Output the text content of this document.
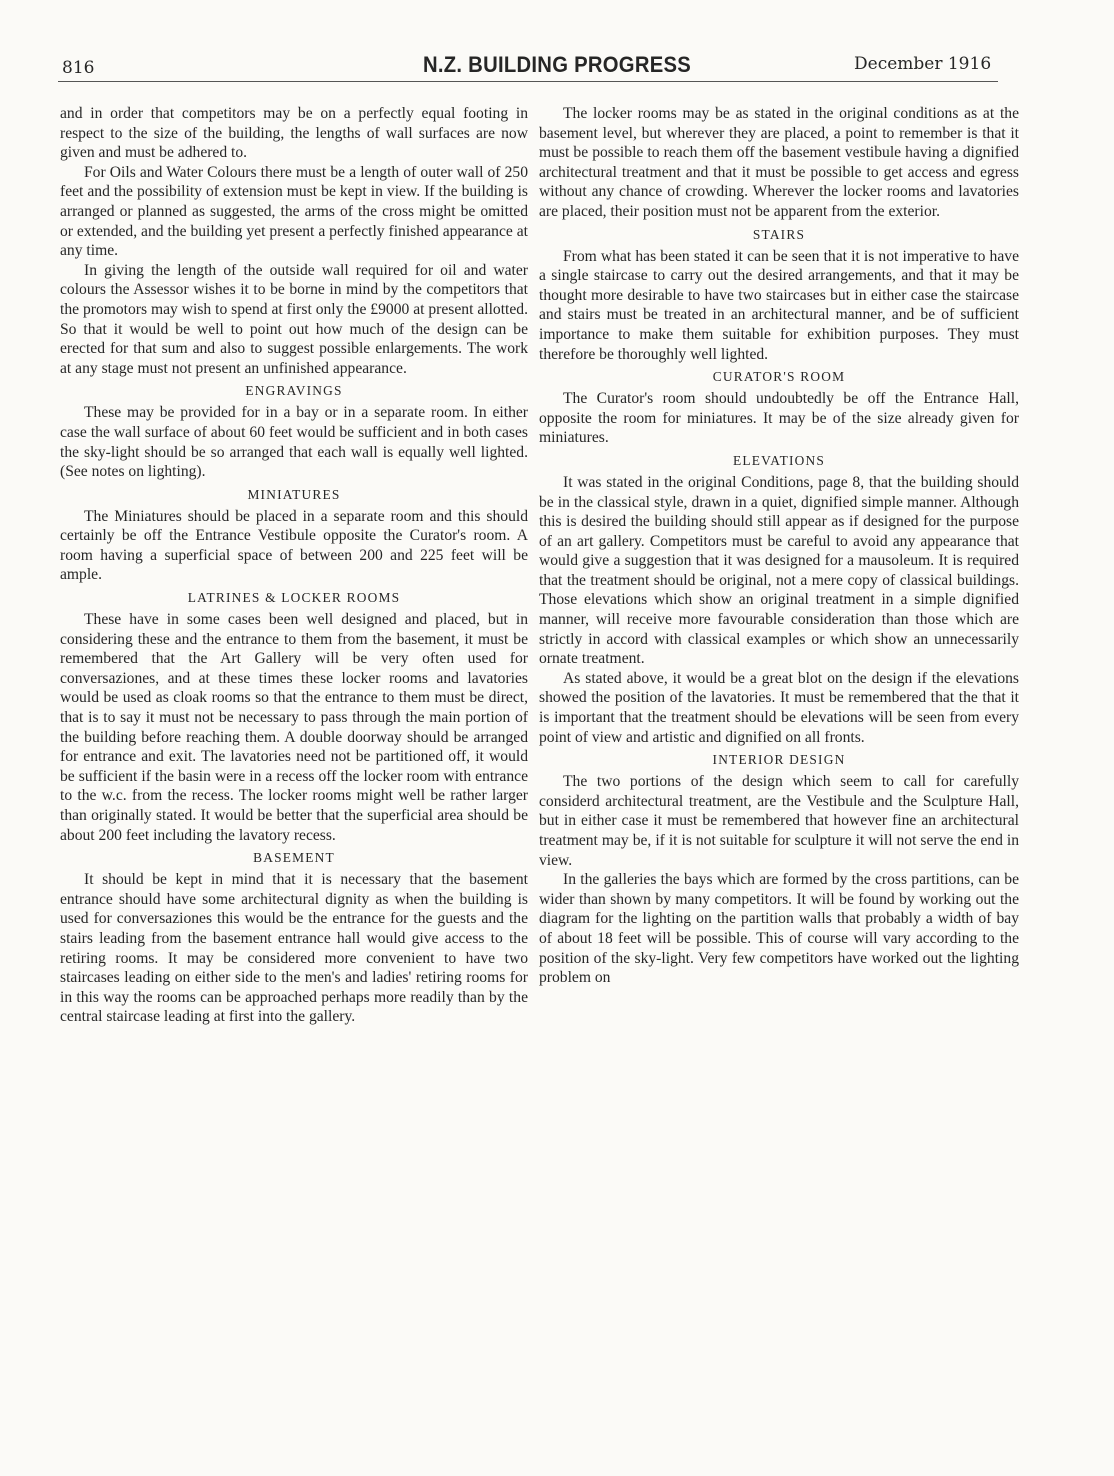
816	N.Z. BUILDING PROGRESS	December 1916

and in order that competitors may be on a perfectly equal footing in respect to the size of the building, the lengths of wall surfaces are now given and must be adhered to.

For Oils and Water Colours there must be a length of outer wall of 250 feet and the possibility of extension must be kept in view. If the building is arranged or planned as suggested, the arms of the cross might be omitted or extended, and the building yet present a perfectly finished appearance at any time.

In giving the length of the outside wall required for oil and water colours the Assessor wishes it to be borne in mind by the competitors that the promotors may wish to spend at first only the £9000 at present allotted. So that it would be well to point out how much of the design can be erected for that sum and also to suggest possible enlargements. The work at any stage must not present an unfinished appearance.

ENGRAVINGS

These may be provided for in a bay or in a separate room. In either case the wall surface of about 60 feet would be sufficient and in both cases the sky-light should be so arranged that each wall is equally well lighted. (See notes on lighting).

MINIATURES

The Miniatures should be placed in a separate room and this should certainly be off the Entrance Vestibule opposite the Curator's room. A room having a superficial space of between 200 and 225 feet will be ample.

LATRINES & LOCKER ROOMS

These have in some cases been well designed and placed, but in considering these and the entrance to them from the basement, it must be remembered that the Art Gallery will be very often used for conversaziones, and at these times these locker rooms and lavatories would be used as cloak rooms so that the entrance to them must be direct, that is to say it must not be necessary to pass through the main portion of the building before reaching them. A double doorway should be arranged for entrance and exit. The lavatories need not be partitioned off, it would be sufficient if the basin were in a recess off the locker room with entrance to the w.c. from the recess. The locker rooms might well be rather larger than originally stated. It would be better that the superficial area should be about 200 feet including the lavatory recess.

BASEMENT

It should be kept in mind that it is necessary that the basement entrance should have some architectural dignity as when the building is used for conversaziones this would be the entrance for the guests and the stairs leading from the basement entrance hall would give access to the retiring rooms. It may be considered more convenient to have two staircases leading on either side to the men's and ladies' retiring rooms for in this way the rooms can be approached perhaps more readily than by the central staircase leading at first into the gallery.

The locker rooms may be as stated in the original conditions as at the basement level, but wherever they are placed, a point to remember is that it must be possible to reach them off the basement vestibule having a dignified architectural treatment and that it must be possible to get access and egress without any chance of crowding. Wherever the locker rooms and lavatories are placed, their position must not be apparent from the exterior.

STAIRS

From what has been stated it can be seen that it is not imperative to have a single staircase to carry out the desired arrangements, and that it may be thought more desirable to have two staircases but in either case the staircase and stairs must be treated in an architectural manner, and be of sufficient importance to make them suitable for exhibition purposes. They must therefore be thoroughly well lighted.

CURATOR'S ROOM

The Curator's room should undoubtedly be off the Entrance Hall, opposite the room for miniatures. It may be of the size already given for miniatures.

ELEVATIONS

It was stated in the original Conditions, page 8, that the building should be in the classical style, drawn in a quiet, dignified simple manner. Although this is desired the building should still appear as if designed for the purpose of an art gallery. Competitors must be careful to avoid any appearance that would give a suggestion that it was designed for a mausoleum. It is required that the treatment should be original, not a mere copy of classical buildings. Those elevations which show an original treatment in a simple dignified manner, will receive more favourable consideration than those which are strictly in accord with classical examples or which show an unnecessarily ornate treatment.

As stated above, it would be a great blot on the design if the elevations showed the position of the lavatories. It must be remembered that the that it is important that the treatment should be elevations will be seen from every point of view and artistic and dignified on all fronts.

INTERIOR DESIGN

The two portions of the design which seem to call for carefully considerd architectural treatment, are the Vestibule and the Sculpture Hall, but in either case it must be remembered that however fine an architectural treatment may be, if it is not suitable for sculpture it will not serve the end in view.

In the galleries the bays which are formed by the cross partitions, can be wider than shown by many competitors. It will be found by working out the diagram for the lighting on the partition walls that probably a width of bay of about 18 feet will be possible. This of course will vary according to the position of the sky-light. Very few competitors have worked out the lighting problem on
